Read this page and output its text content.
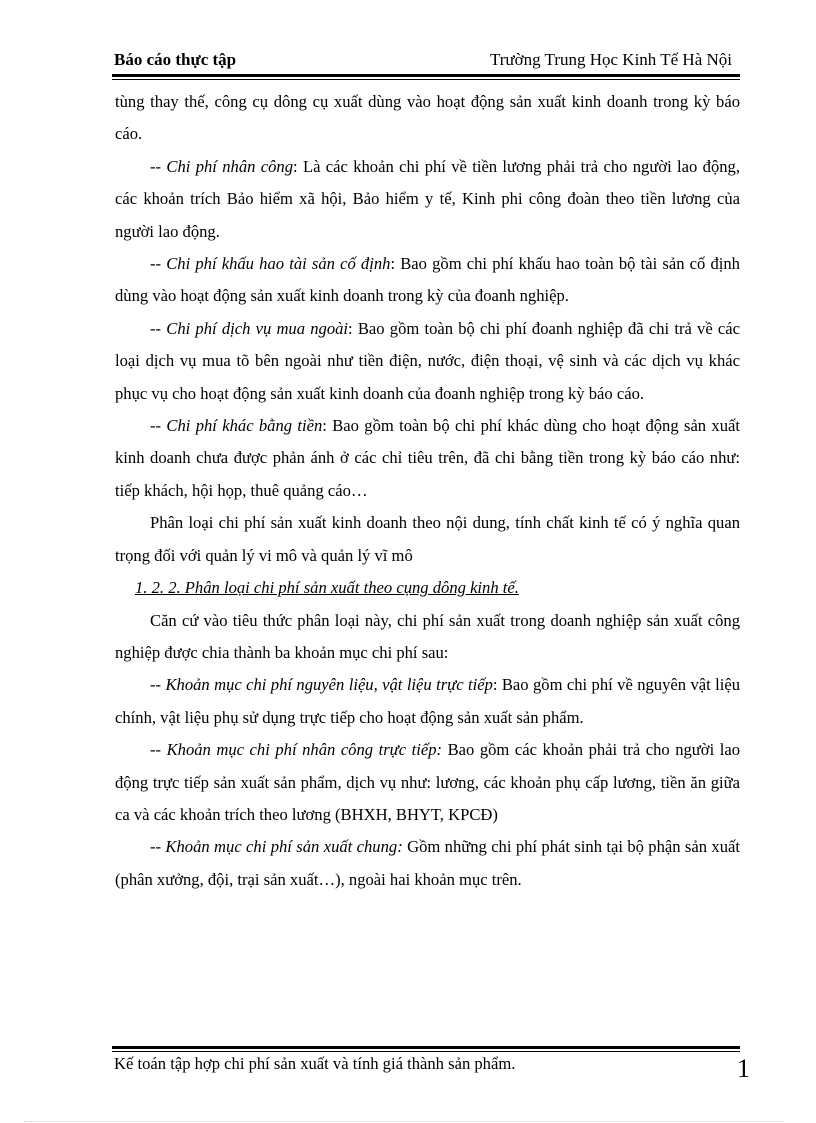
Báo cáo thực tập	Trường Trung Học Kinh Tế Hà Nội

tùng thay thế, công cụ dông cụ xuất dùng vào hoạt động sản xuất kinh doanh trong kỳ báo cáo.

-- Chi phí nhân công: Là các khoản chi phí về tiền lương phải trả cho người lao động, các khoản trích Bảo hiểm xã hội, Bảo hiểm y tế, Kinh phi công đoàn theo tiền lương của người lao động.

-- Chi phí khấu hao tài sản cố định: Bao gồm chi phí khấu hao toàn bộ tài sản cố định dùng vào hoạt động sản xuất kinh doanh trong kỳ của đoanh nghiệp.

-- Chi phí dịch vụ mua ngoài: Bao gồm toàn bộ chi phí đoanh nghiệp đã chi trả về các loại dịch vụ mua tõ bên ngoài như tiền điện, nước, điện thoại, vệ sinh và các dịch vụ khác phục vụ cho hoạt động sản xuất kinh doanh của đoanh nghiệp trong kỳ báo cáo.

-- Chi phí khác bằng tiền: Bao gồm toàn bộ chi phí khác dùng cho hoạt động sản xuất kinh doanh chưa được phản ánh ở các chỉ tiêu trên, đã chi bằng tiền trong kỳ báo cáo như: tiếp khách, hội họp, thuê quảng cáo…

Phân loại chi phí sản xuất kinh doanh theo nội dung, tính chất kinh tế có ý nghĩa quan trọng đối với quản lý vi mô và quản lý vĩ mô

1. 2. 2. Phân loại chi phí sản xuất theo cụng dông kinh tế.

Căn cứ vào tiêu thức phân loại này, chi phí sản xuất trong doanh nghiệp sản xuất công nghiệp được chia thành ba khoản mục chi phí sau:

-- Khoản mục chi phí nguyên liệu, vật liệu trực tiếp: Bao gồm chi phí về nguyên vật liệu chính, vật liệu phụ sử dụng trực tiếp cho hoạt động sản xuất sản phẩm.

-- Khoản mục chi phí nhân công trực tiếp: Bao gồm các khoản phải trả cho người lao động trực tiếp sản xuất sản phẩm, dịch vụ như: lương, các khoản phụ cấp lương, tiền ăn giữa ca và các khoản trích theo lương (BHXH, BHYT, KPCĐ)

-- Khoản mục chi phí sản xuất chung: Gồm những chi phí phát sinh tại bộ phận sản xuất (phân xưởng, đội, trại sản xuất…), ngoài hai khoản mục trên.

Kế toán tập hợp chi phí sản xuất và tính giá thành sản phẩm.	1
